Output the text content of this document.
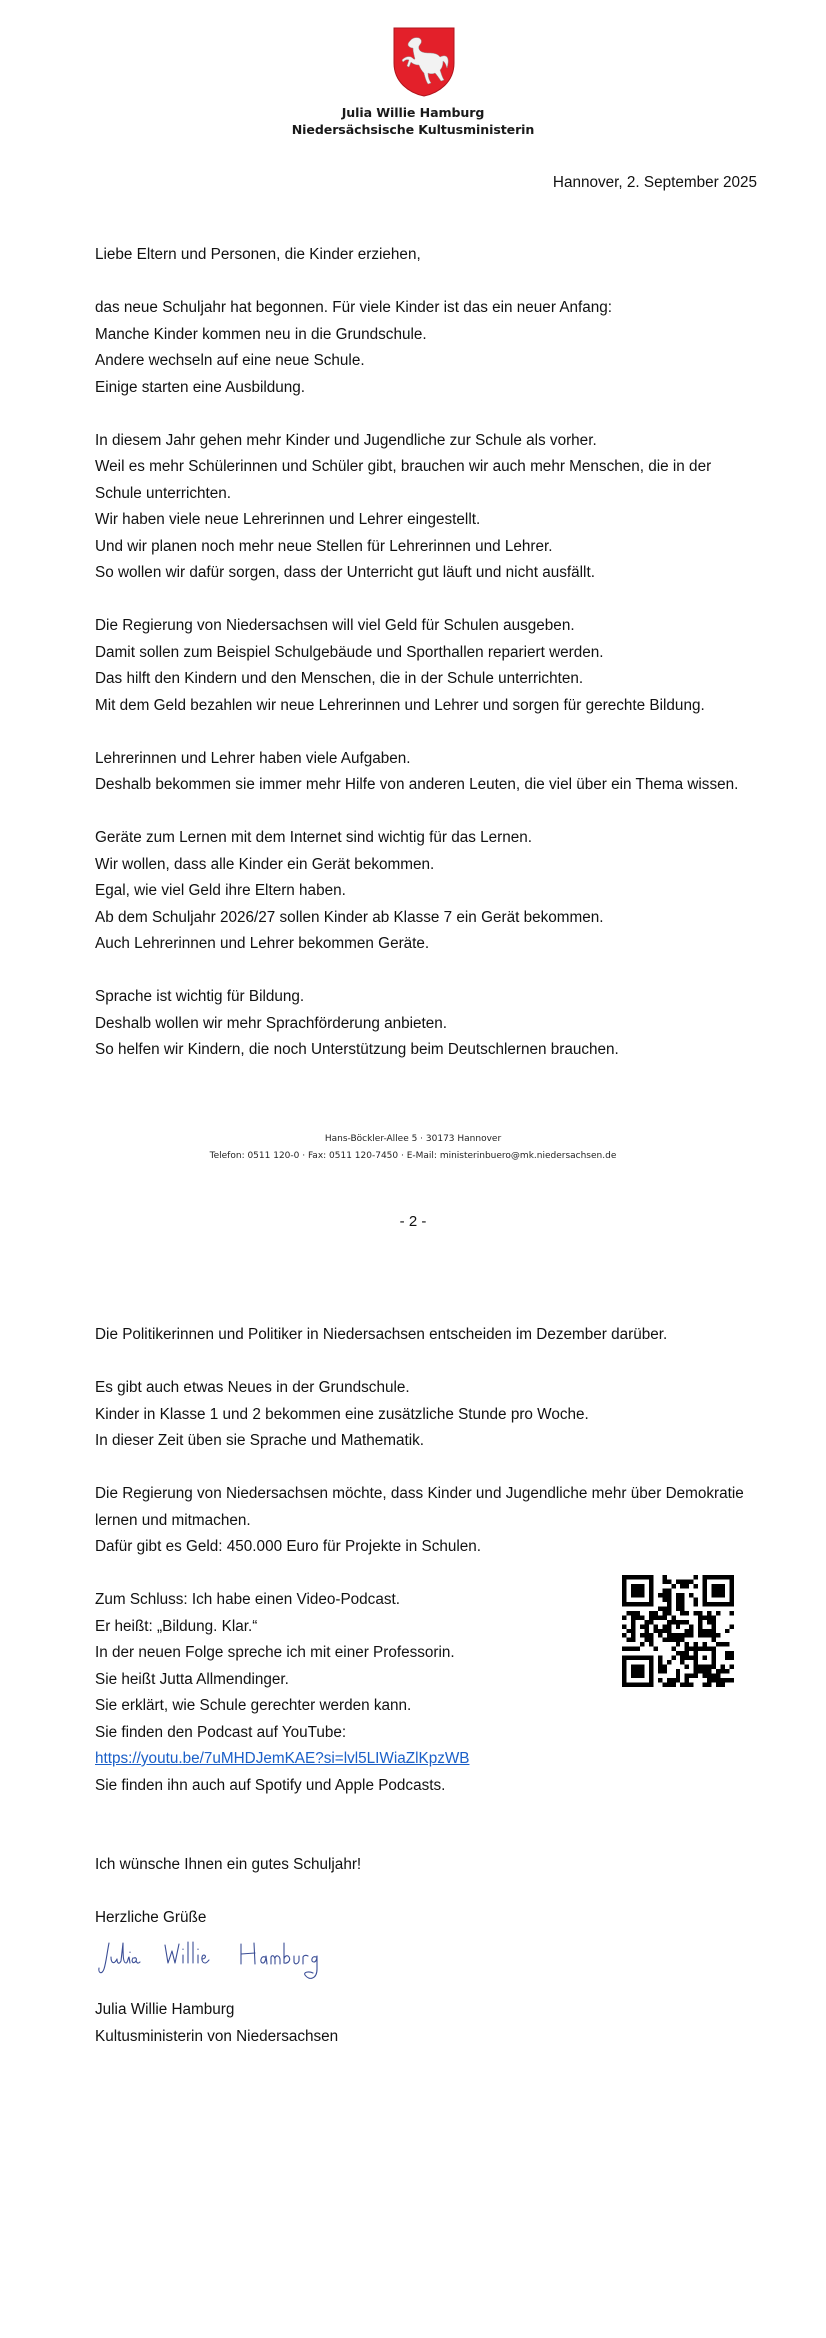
Julia Willie Hamburg
Niedersächsische Kultusministerin
Hannover, 2. September 2025
Liebe Eltern und Personen, die Kinder erziehen,
das neue Schuljahr hat begonnen. Für viele Kinder ist das ein neuer Anfang:
Manche Kinder kommen neu in die Grundschule.
Andere wechseln auf eine neue Schule.
Einige starten eine Ausbildung.
In diesem Jahr gehen mehr Kinder und Jugendliche zur Schule als vorher.
Weil es mehr Schülerinnen und Schüler gibt, brauchen wir auch mehr Menschen, die in der
Schule unterrichten.
Wir haben viele neue Lehrerinnen und Lehrer eingestellt.
Und wir planen noch mehr neue Stellen für Lehrerinnen und Lehrer.
So wollen wir dafür sorgen, dass der Unterricht gut läuft und nicht ausfällt.
Die Regierung von Niedersachsen will viel Geld für Schulen ausgeben.
Damit sollen zum Beispiel Schulgebäude und Sporthallen repariert werden.
Das hilft den Kindern und den Menschen, die in der Schule unterrichten.
Mit dem Geld bezahlen wir neue Lehrerinnen und Lehrer und sorgen für gerechte Bildung.
Lehrerinnen und Lehrer haben viele Aufgaben.
Deshalb bekommen sie immer mehr Hilfe von anderen Leuten, die viel über ein Thema wissen.
Geräte zum Lernen mit dem Internet sind wichtig für das Lernen.
Wir wollen, dass alle Kinder ein Gerät bekommen.
Egal, wie viel Geld ihre Eltern haben.
Ab dem Schuljahr 2026/27 sollen Kinder ab Klasse 7 ein Gerät bekommen.
Auch Lehrerinnen und Lehrer bekommen Geräte.
Sprache ist wichtig für Bildung.
Deshalb wollen wir mehr Sprachförderung anbieten.
So helfen wir Kindern, die noch Unterstützung beim Deutschlernen brauchen.
Hans-Böckler-Allee 5 · 30173 Hannover
Telefon: 0511 120-0 · Fax: 0511 120-7450 · E-Mail: ministerinbuero@mk.niedersachsen.de
- 2 -
Die Politikerinnen und Politiker in Niedersachsen entscheiden im Dezember darüber.
Es gibt auch etwas Neues in der Grundschule.
Kinder in Klasse 1 und 2 bekommen eine zusätzliche Stunde pro Woche.
In dieser Zeit üben sie Sprache und Mathematik.
Die Regierung von Niedersachsen möchte, dass Kinder und Jugendliche mehr über Demokratie
lernen und mitmachen.
Dafür gibt es Geld: 450.000 Euro für Projekte in Schulen.
Zum Schluss: Ich habe einen Video-Podcast.
Er heißt: „Bildung. Klar.“
In der neuen Folge spreche ich mit einer Professorin.
Sie heißt Jutta Allmendinger.
Sie erklärt, wie Schule gerechter werden kann.
Sie finden den Podcast auf YouTube:
https://youtu.be/7uMHDJemKAE?si=lvl5LIWiaZlKpzWB
Sie finden ihn auch auf Spotify und Apple Podcasts.
Ich wünsche Ihnen ein gutes Schuljahr!
Herzliche Grüße
Julia Willie Hamburg
Kultusministerin von Niedersachsen
